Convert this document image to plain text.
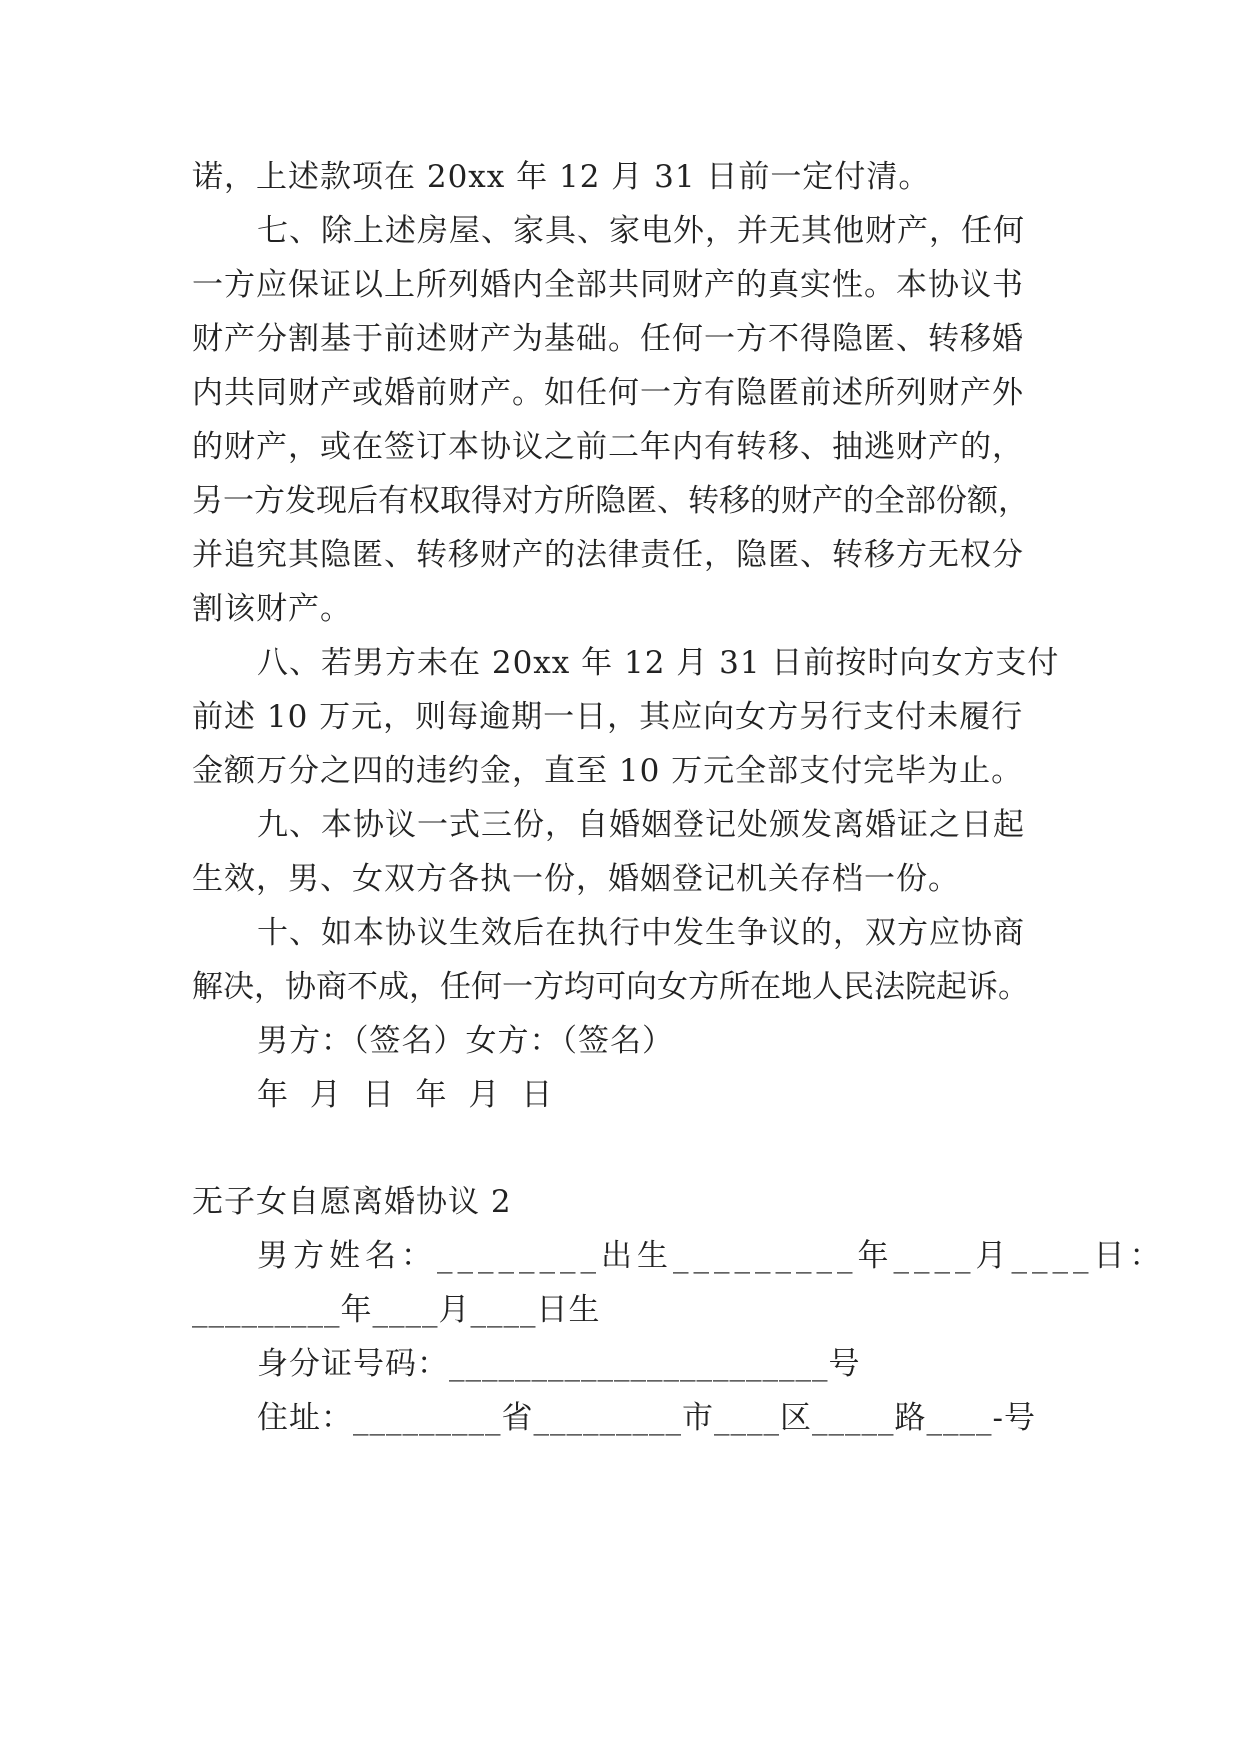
诺，上述款项在 20xx 年 12 月 31 日前一定付清。
七、除上述房屋、家具、家电外，并无其他财产，任何
一方应保证以上所列婚内全部共同财产的真实性。本协议书
财产分割基于前述财产为基础。任何一方不得隐匿、转移婚
内共同财产或婚前财产。如任何一方有隐匿前述所列财产外
的财产，或在签订本协议之前二年内有转移、抽逃财产的，
另一方发现后有权取得对方所隐匿、转移的财产的全部份额，
并追究其隐匿、转移财产的法律责任，隐匿、转移方无权分
割该财产。
八、若男方未在 20xx 年 12 月 31 日前按时向女方支付
前述 10 万元，则每逾期一日，其应向女方另行支付未履行
金额万分之四的违约金，直至 10 万元全部支付完毕为止。
九、本协议一式三份，自婚姻登记处颁发离婚证之日起
生效，男、女双方各执一份，婚姻登记机关存档一份。
十、如本协议生效后在执行中发生争议的，双方应协商
解决，协商不成，任何一方均可向女方所在地人民法院起诉。
男方：（签名）女方：（签名）
年 月 日 年 月 日
无子女自愿离婚协议 2
男方姓名：________出生_________年____月____日：
_________年____月____日生
身分证号码：_______________________号
住址：_________省_________市____区_____路____-号
